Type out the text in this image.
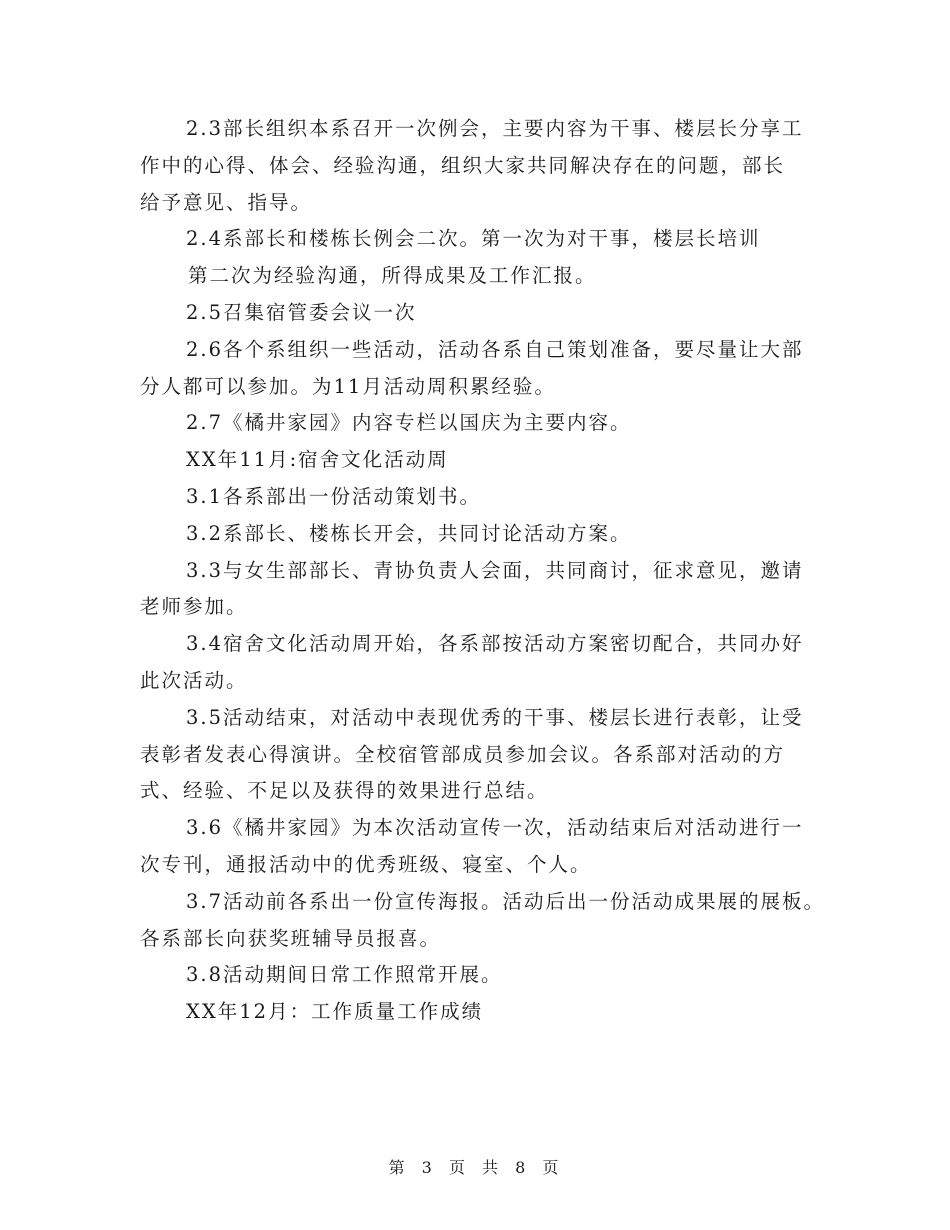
2.3部长组织本系召开一次例会，主要内容为干事、楼层长分享工
作中的心得、体会、经验沟通，组织大家共同解决存在的问题，部长
给予意见、指导。
2.4系部长和楼栋长例会二次。第一次为对干事，楼层长培训
第二次为经验沟通，所得成果及工作汇报。
2.5召集宿管委会议一次
2.6各个系组织一些活动，活动各系自己策划准备，要尽量让大部
分人都可以参加。为11月活动周积累经验。
2.7《橘井家园》内容专栏以国庆为主要内容。
XX年11月:宿舍文化活动周
3.1各系部出一份活动策划书。
3.2系部长、楼栋长开会，共同讨论活动方案。
3.3与女生部部长、青协负责人会面，共同商讨，征求意见，邀请
老师参加。
3.4宿舍文化活动周开始，各系部按活动方案密切配合，共同办好
此次活动。
3.5活动结束，对活动中表现优秀的干事、楼层长进行表彰，让受
表彰者发表心得演讲。全校宿管部成员参加会议。各系部对活动的方
式、经验、不足以及获得的效果进行总结。
3.6《橘井家园》为本次活动宣传一次，活动结束后对活动进行一
次专刊，通报活动中的优秀班级、寝室、个人。
3.7活动前各系出一份宣传海报。活动后出一份活动成果展的展板。
各系部长向获奖班辅导员报喜。
3.8活动期间日常工作照常开展。
XX年12月：工作质量工作成绩
第 3 页 共 8 页
